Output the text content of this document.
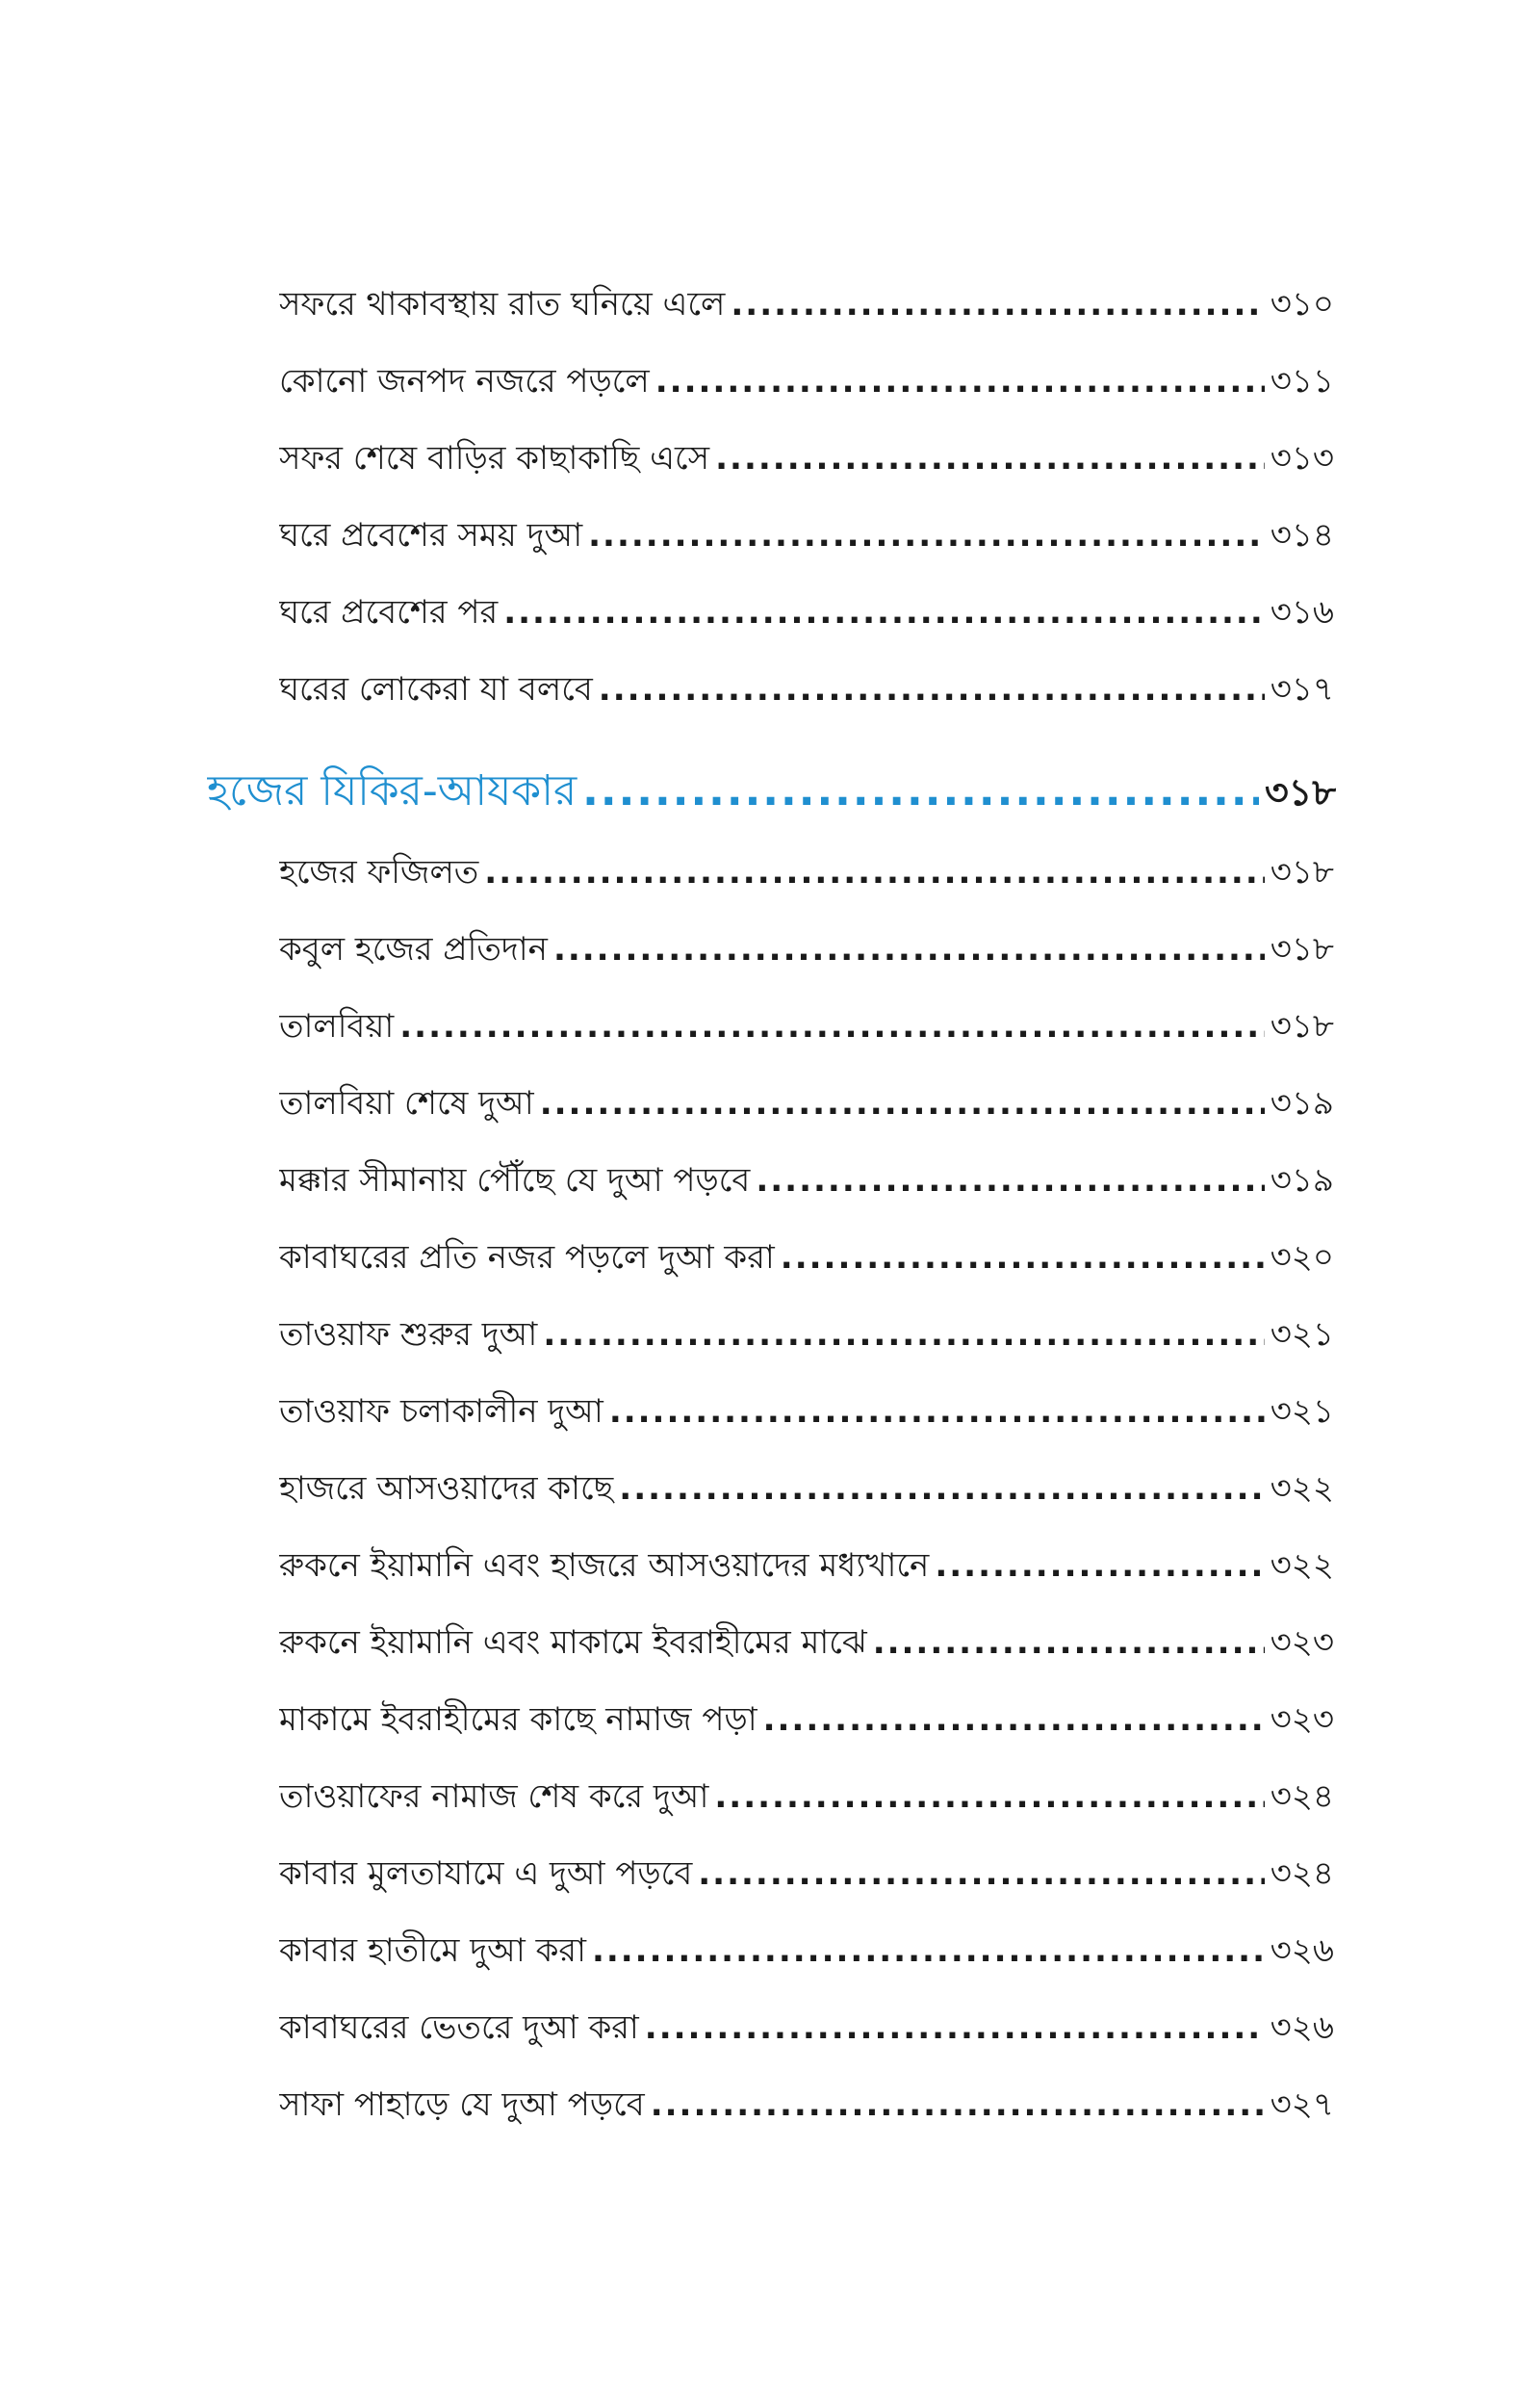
সফরে থাকাবস্থায় রাত ঘনিয়ে এলে .....	৩১০
কোনো জনপদ নজরে পড়লে .....	৩১১
সফর শেষে বাড়ির কাছাকাছি এসে .....	৩১৩
ঘরে প্রবেশের সময় দুআ .....	৩১৪
ঘরে প্রবেশের পর .....	৩১৬
ঘরের লোকেরা যা বলবে .....	৩১৭
হজের যিকির-আযকার .....	৩১৮
হজের ফজিলত .....	৩১৮
কবুল হজের প্রতিদান .....	৩১৮
তালবিয়া .....	৩১৮
তালবিয়া শেষে দুআ .....	৩১৯
মক্কার সীমানায় পৌঁছে যে দুআ পড়বে .....	৩১৯
কাবাঘরের প্রতি নজর পড়লে দুআ করা .....	৩২০
তাওয়াফ শুরুর দুআ .....	৩২১
তাওয়াফ চলাকালীন দুআ .....	৩২১
হাজরে আসওয়াদের কাছে .....	৩২২
রুকনে ইয়ামানি এবং হাজরে আসওয়াদের মধ্যখানে .....	৩২২
রুকনে ইয়ামানি এবং মাকামে ইবরাহীমের মাঝে .....	৩২৩
মাকামে ইবরাহীমের কাছে নামাজ পড়া .....	৩২৩
তাওয়াফের নামাজ শেষ করে দুআ .....	৩২৪
কাবার মুলতাযামে এ দুআ পড়বে .....	৩২৪
কাবার হাতীমে দুআ করা .....	৩২৬
কাবাঘরের ভেতরে দুআ করা .....	৩২৬
সাফা পাহাড়ে যে দুআ পড়বে .....	৩২৭
